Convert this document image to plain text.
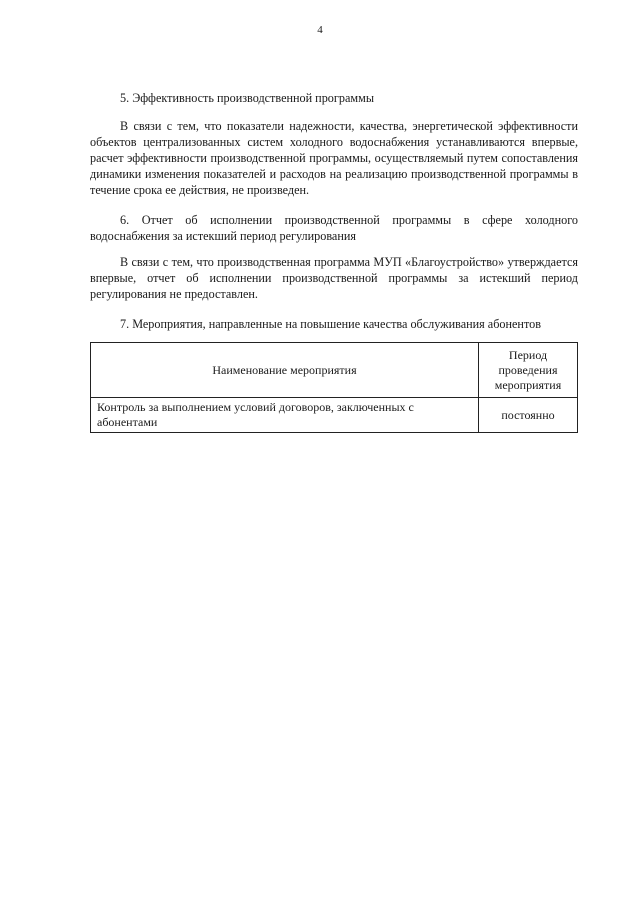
4

5. Эффективность производственной программы

В связи с тем, что показатели надежности, качества, энергетической эффективности объектов централизованных систем холодного водоснабжения устанавливаются впервые, расчет эффективности производственной программы, осуществляемый путем сопоставления динамики изменения показателей и расходов на реализацию производственной программы в течение срока ее действия, не произведен.

6. Отчет об исполнении производственной программы в сфере холодного водоснабжения за истекший период регулирования

В связи с тем, что производственная программа МУП «Благоустройство» утверждается впервые, отчет об исполнении производственной программы за истекший период регулирования не предоставлен.

7. Мероприятия, направленные на повышение качества обслуживания абонентов

Наименование мероприятия	Период проведения мероприятия
Контроль за выполнением условий договоров, заключенных с абонентами	постоянно
